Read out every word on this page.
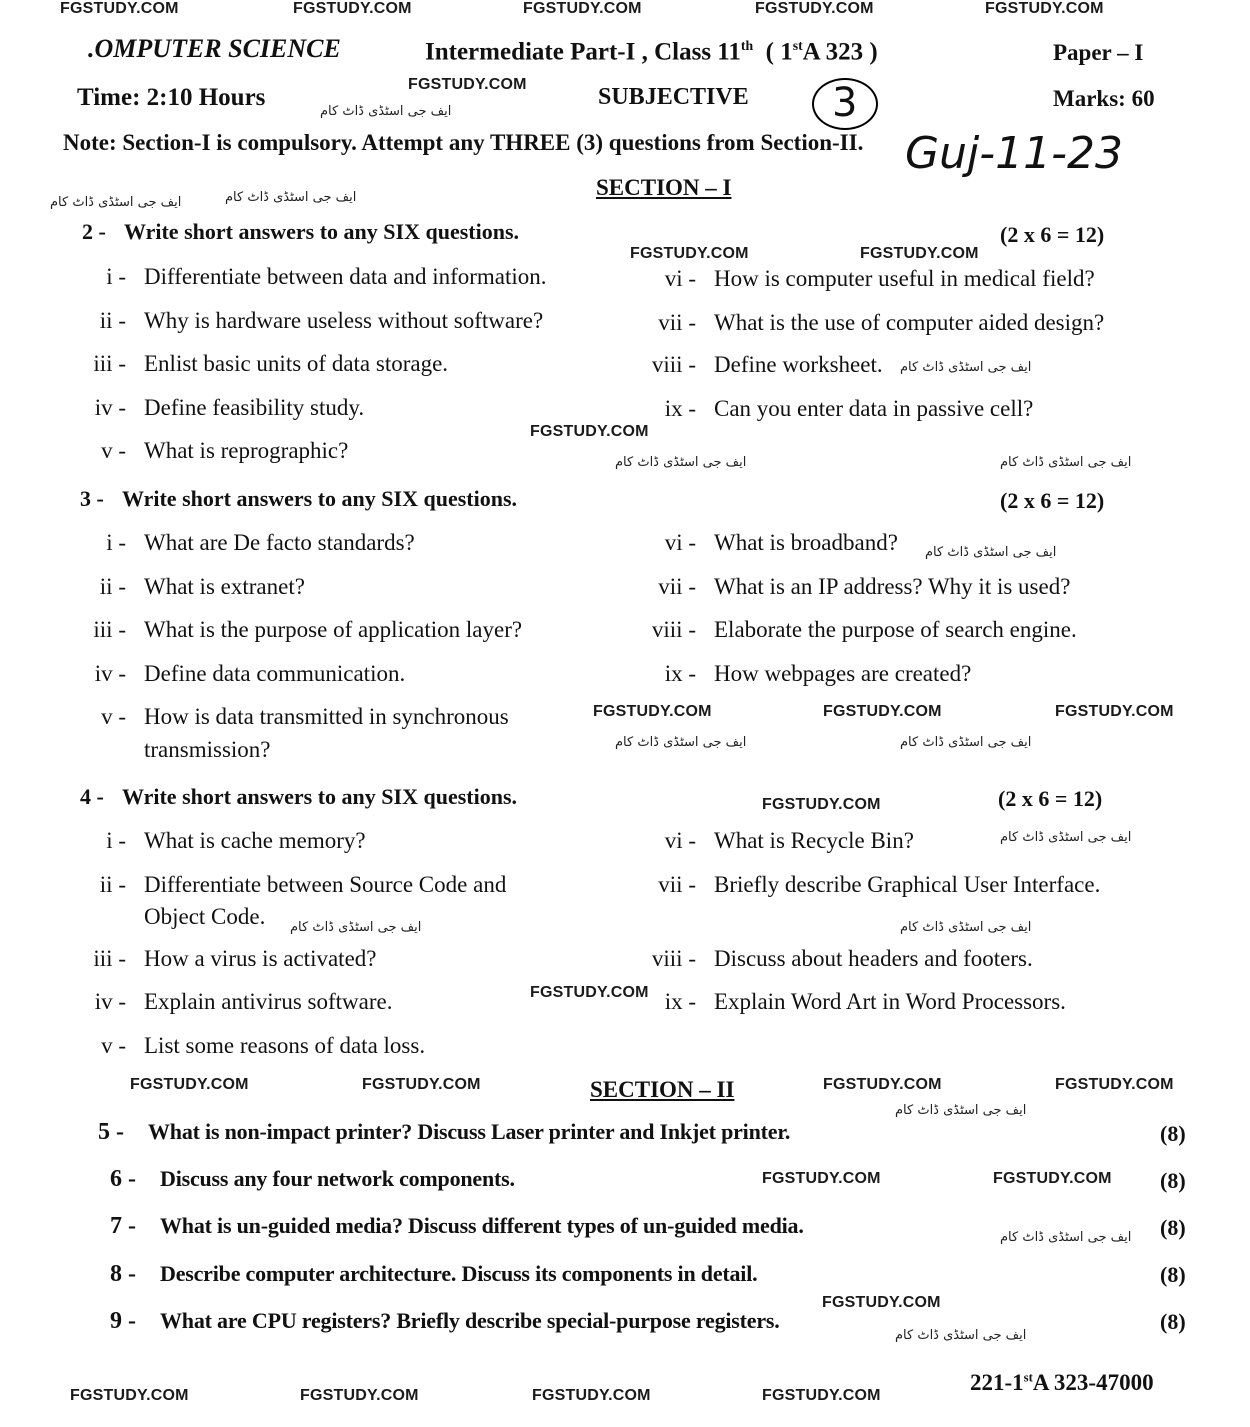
FGSTUDY.COM	FGSTUDY.COM	FGSTUDY.COM	FGSTUDY.COM	FGSTUDY.COM
FGSTUDY.COM
FGSTUDY.COM	FGSTUDY.COM
FGSTUDY.COM
FGSTUDY.COM	FGSTUDY.COM	FGSTUDY.COM
FGSTUDY.COM
FGSTUDY.COM
FGSTUDY.COM	FGSTUDY.COM	FGSTUDY.COM	FGSTUDY.COM
FGSTUDY.COM	FGSTUDY.COM
FGSTUDY.COM
FGSTUDY.COM	FGSTUDY.COM	FGSTUDY.COM	FGSTUDY.COM
ایف جی اسٹڈی ڈاٹ کام
ایف جی اسٹڈی ڈاٹ کام
ایف جی اسٹڈی ڈاٹ کام
ایف جی اسٹڈی ڈاٹ کام
ایف جی اسٹڈی ڈاٹ کام	ایف جی اسٹڈی ڈاٹ کام
ایف جی اسٹڈی ڈاٹ کام
ایف جی اسٹڈی ڈاٹ کام	ایف جی اسٹڈی ڈاٹ کام
ایف جی اسٹڈی ڈاٹ کام
ایف جی اسٹڈی ڈاٹ کام	ایف جی اسٹڈی ڈاٹ کام
ایف جی اسٹڈی ڈاٹ کام
ایف جی اسٹڈی ڈاٹ کام
ایف جی اسٹڈی ڈاٹ کام
.OMPUTER SCIENCE	Intermediate Part-I , Class 11th ( 1stA 323 )	Paper – I
Time: 2:10 Hours	SUBJECTIVE 3	Marks: 60
Note: Section-I is compulsory. Attempt any THREE (3) questions from Section-II. Guj-11-23
SECTION – I
2 - Write short answers to any SIX questions.	(2 x 6 = 12)
i - Differentiate between data and information.
ii - Why is hardware useless without software?
iii - Enlist basic units of data storage.
iv - Define feasibility study.
v - What is reprographic?
vi - How is computer useful in medical field?
vii - What is the use of computer aided design?
viii - Define worksheet.
ix - Can you enter data in passive cell?
3 - Write short answers to any SIX questions.	(2 x 6 = 12)
i - What are De facto standards?
ii - What is extranet?
iii - What is the purpose of application layer?
iv - Define data communication.
v - How is data transmitted in synchronous
transmission?
vi - What is broadband?
vii - What is an IP address? Why it is used?
viii - Elaborate the purpose of search engine.
ix - How webpages are created?
4 - Write short answers to any SIX questions.	(2 x 6 = 12)
i - What is cache memory?
ii - Differentiate between Source Code and
Object Code.
iii - How a virus is activated?
iv - Explain antivirus software.
v - List some reasons of data loss.
vi - What is Recycle Bin?
vii - Briefly describe Graphical User Interface.
viii - Discuss about headers and footers.
ix - Explain Word Art in Word Processors.
SECTION – II
5 - What is non-impact printer? Discuss Laser printer and Inkjet printer.	(8)
6 - Discuss any four network components.	(8)
7 - What is un-guided media? Discuss different types of un-guided media.	(8)
8 - Describe computer architecture. Discuss its components in detail.	(8)
9 - What are CPU registers? Briefly describe special-purpose registers.	(8)
221-1stA 323-47000
